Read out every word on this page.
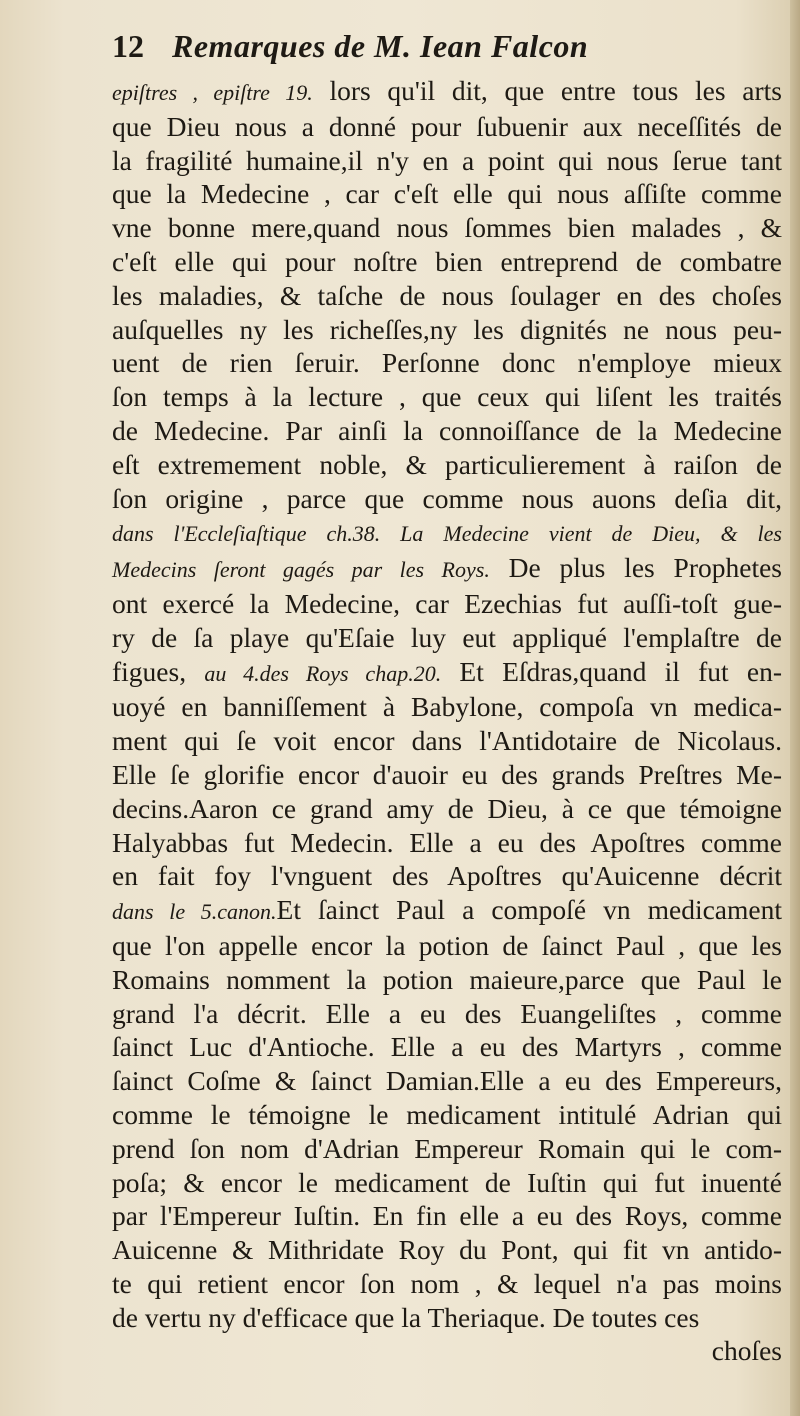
12 Remarques de M. Iean Falcon
epiſtres , epiſtre 19. lors qu'il dit, que entre tous les arts
que Dieu nous a donné pour ſubuenir aux neceſſités de
la fragilité humaine,il n'y en a point qui nous ſerue tant
que la Medecine , car c'eſt elle qui nous aſſiſte comme
vne bonne mere,quand nous ſommes bien malades , &
c'eſt elle qui pour noſtre bien entreprend de combatre
les maladies, & taſche de nous ſoulager en des choſes
auſquelles ny les richeſſes,ny les dignités ne nous peu-
uent de rien ſeruir. Perſonne donc n'employe mieux
ſon temps à la lecture , que ceux qui liſent les traités
de Medecine. Par ainſi la connoiſſance de la Medecine
eſt extremement noble, & particulierement à raiſon de
ſon origine , parce que comme nous auons deſia dit,
dans l'Eccleſiaſtique ch.38. La Medecine vient de Dieu, & les
Medecins ſeront gagés par les Roys. De plus les Prophetes
ont exercé la Medecine, car Ezechias fut auſſi-toſt gue-
ry de ſa playe qu'Eſaie luy eut appliqué l'emplaſtre de
figues, au 4.des Roys chap.20. Et Eſdras,quand il fut en-
uoyé en banniſſement à Babylone, compoſa vn medica-
ment qui ſe voit encor dans l'Antidotaire de Nicolaus.
Elle ſe glorifie encor d'auoir eu des grands Preſtres Me-
decins.Aaron ce grand amy de Dieu, à ce que témoigne
Halyabbas fut Medecin. Elle a eu des Apoſtres comme
en fait foy l'vnguent des Apoſtres qu'Auicenne décrit
dans le 5.canon.Et ſainct Paul a compoſé vn medicament
que l'on appelle encor la potion de ſainct Paul , que les
Romains nomment la potion maieure,parce que Paul le
grand l'a décrit. Elle a eu des Euangeliſtes , comme
ſainct Luc d'Antioche. Elle a eu des Martyrs , comme
ſainct Coſme & ſainct Damian.Elle a eu des Empereurs,
comme le témoigne le medicament intitulé Adrian qui
prend ſon nom d'Adrian Empereur Romain qui le com-
poſa; & encor le medicament de Iuſtin qui fut inuenté
par l'Empereur Iuſtin. En fin elle a eu des Roys, comme
Auicenne & Mithridate Roy du Pont, qui fit vn antido-
te qui retient encor ſon nom , & lequel n'a pas moins
de vertu ny d'efficace que la Theriaque. De toutes ces
choſes
